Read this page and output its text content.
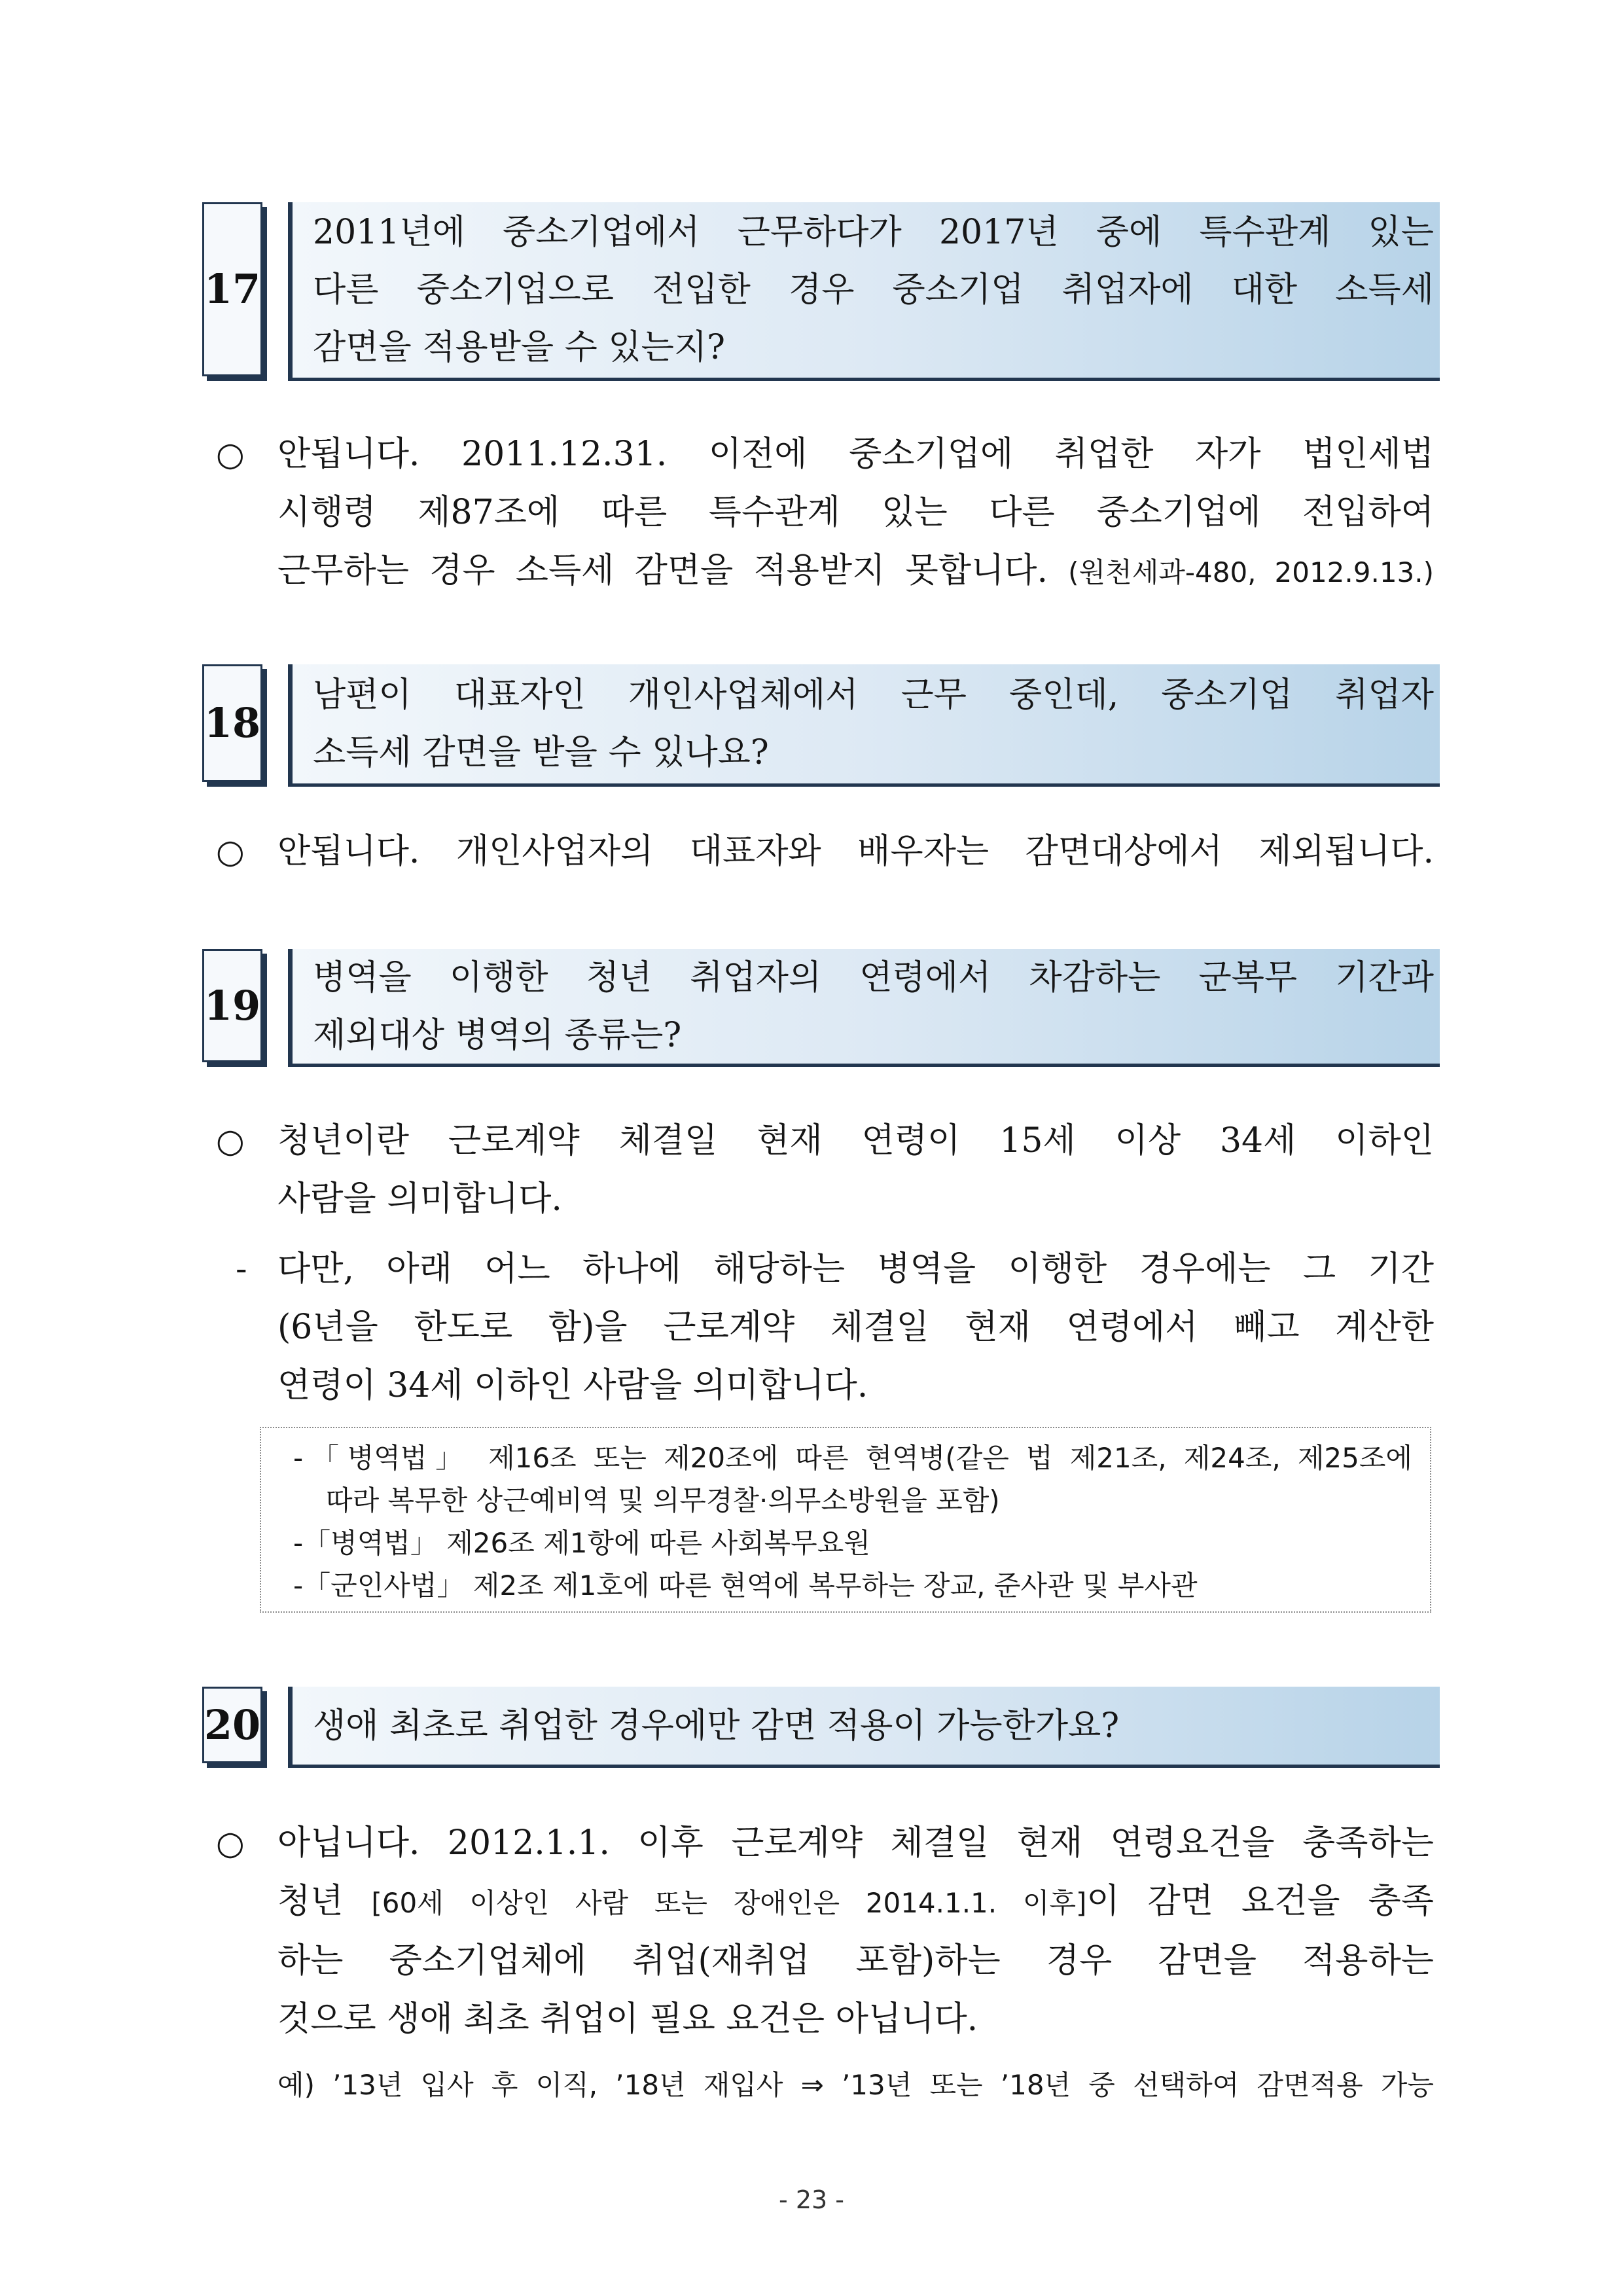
17
2011년에 중소기업에서 근무하다가 2017년 중에 특수관계 있는
다른 중소기업으로 전입한 경우 중소기업 취업자에 대한 소득세
감면을 적용받을 수 있는지?
○ 안됩니다. 2011.12.31. 이전에 중소기업에 취업한 자가 법인세법
시행령 제87조에 따른 특수관계 있는 다른 중소기업에 전입하여
근무하는 경우 소득세 감면을 적용받지 못합니다. (원천세과-480, 2012.9.13.)
18
남편이 대표자인 개인사업체에서 근무 중인데, 중소기업 취업자
소득세 감면을 받을 수 있나요?
○ 안됩니다. 개인사업자의 대표자와 배우자는 감면대상에서 제외됩니다.
19
병역을 이행한 청년 취업자의 연령에서 차감하는 군복무 기간과
제외대상 병역의 종류는?
○ 청년이란 근로계약 체결일 현재 연령이 15세 이상 34세 이하인
사람을 의미합니다.
- 다만, 아래 어느 하나에 해당하는 병역을 이행한 경우에는 그 기간
(6년을 한도로 함)을 근로계약 체결일 현재 연령에서 빼고 계산한
연령이 34세 이하인 사람을 의미합니다.
-「병역법」 제16조 또는 제20조에 따른 현역병(같은 법 제21조, 제24조, 제25조에
따라 복무한 상근예비역 및 의무경찰·의무소방원을 포함)
-「병역법」 제26조 제1항에 따른 사회복무요원
-「군인사법」 제2조 제1호에 따른 현역에 복무하는 장교, 준사관 및 부사관
20 생애 최초로 취업한 경우에만 감면 적용이 가능한가요?
○ 아닙니다. 2012.1.1. 이후 근로계약 체결일 현재 연령요건을 충족하는
청년 [60세 이상인 사람 또는 장애인은 2014.1.1. 이후]이 감면 요건을 충족
하는 중소기업체에 취업(재취업 포함)하는 경우 감면을 적용하는
것으로 생애 최초 취업이 필요 요건은 아닙니다.
예) ’13년 입사 후 이직, ’18년 재입사 ⇒ ’13년 또는 ’18년 중 선택하여 감면적용 가능
- 23 -
